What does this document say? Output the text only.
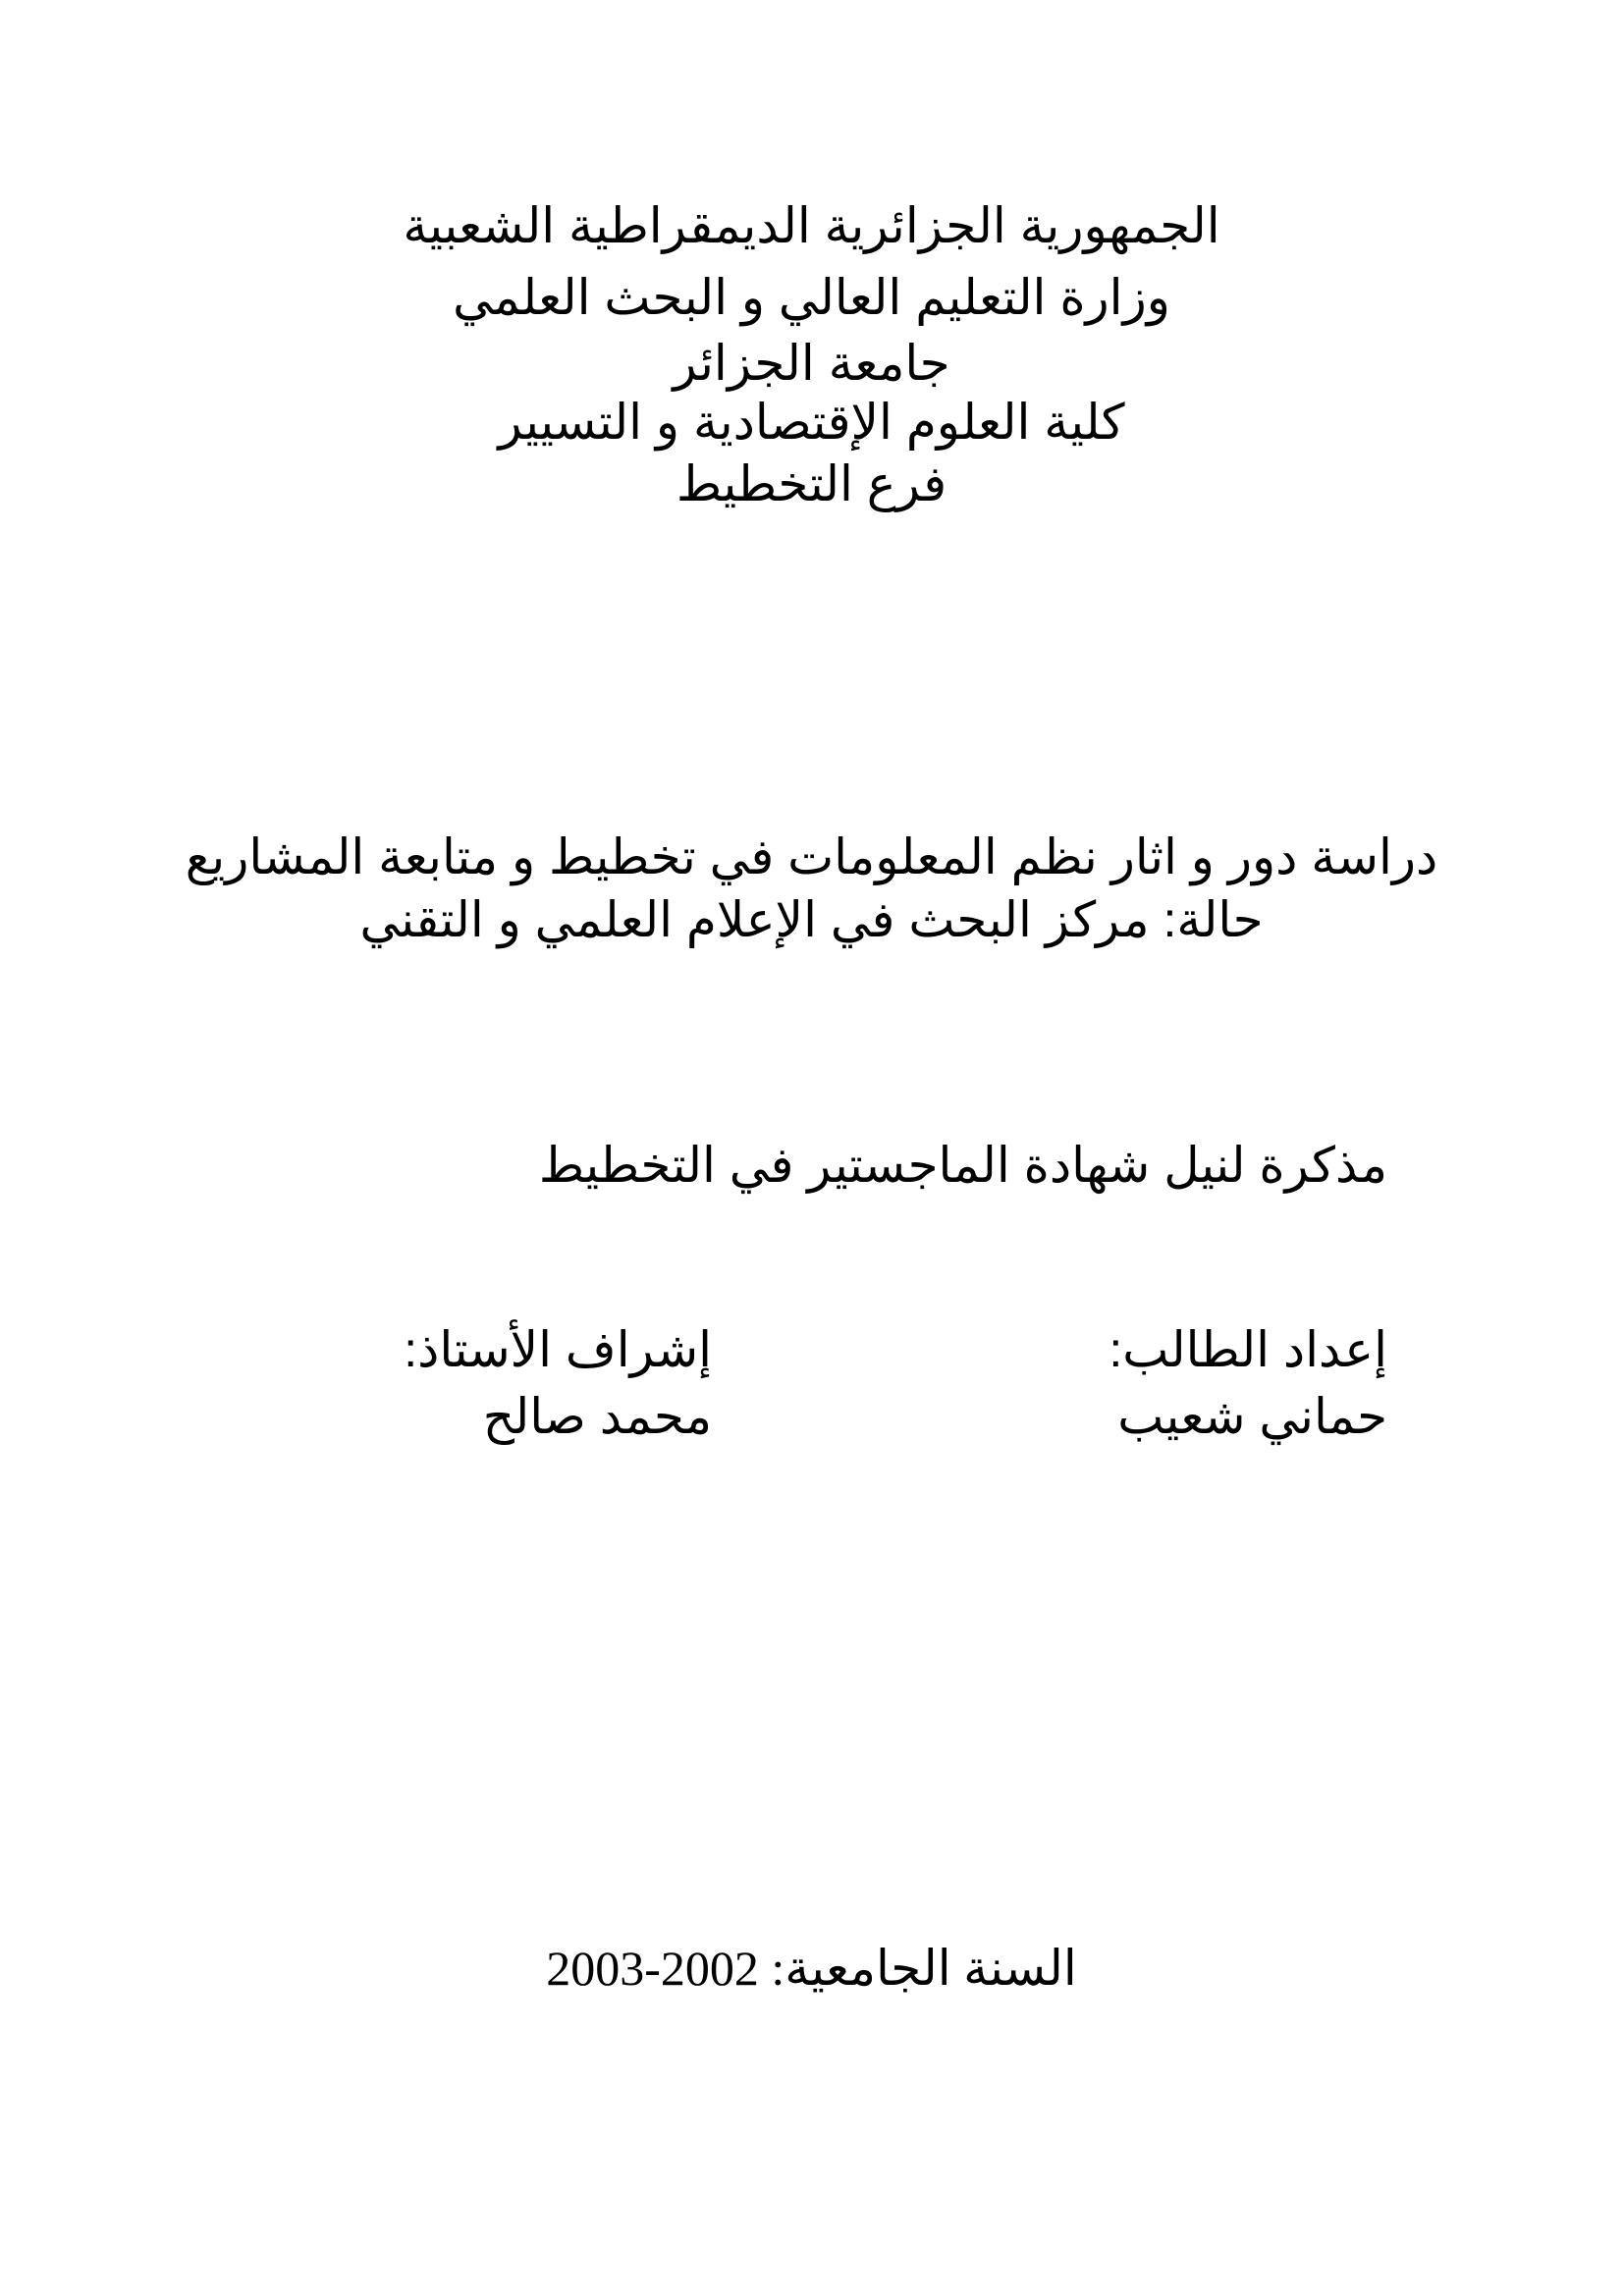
الجمهورية الجزائرية الديمقراطية الشعبية
وزارة التعليم العالي و البحث العلمي
جامعة الجزائر
كلية العلوم الإقتصادية و التسيير
فرع التخطيط
دراسة دور و اثار نظم المعلومات في تخطيط و متابعة المشاريع
حالة: مركز البحث في الإعلام العلمي و التقني
مذكرة لنيل شهادة الماجستير في التخطيط
إعداد الطالب:
حماني شعيب
إشراف الأستاذ:
محمد صالح
السنة الجامعية: 2002-2003
